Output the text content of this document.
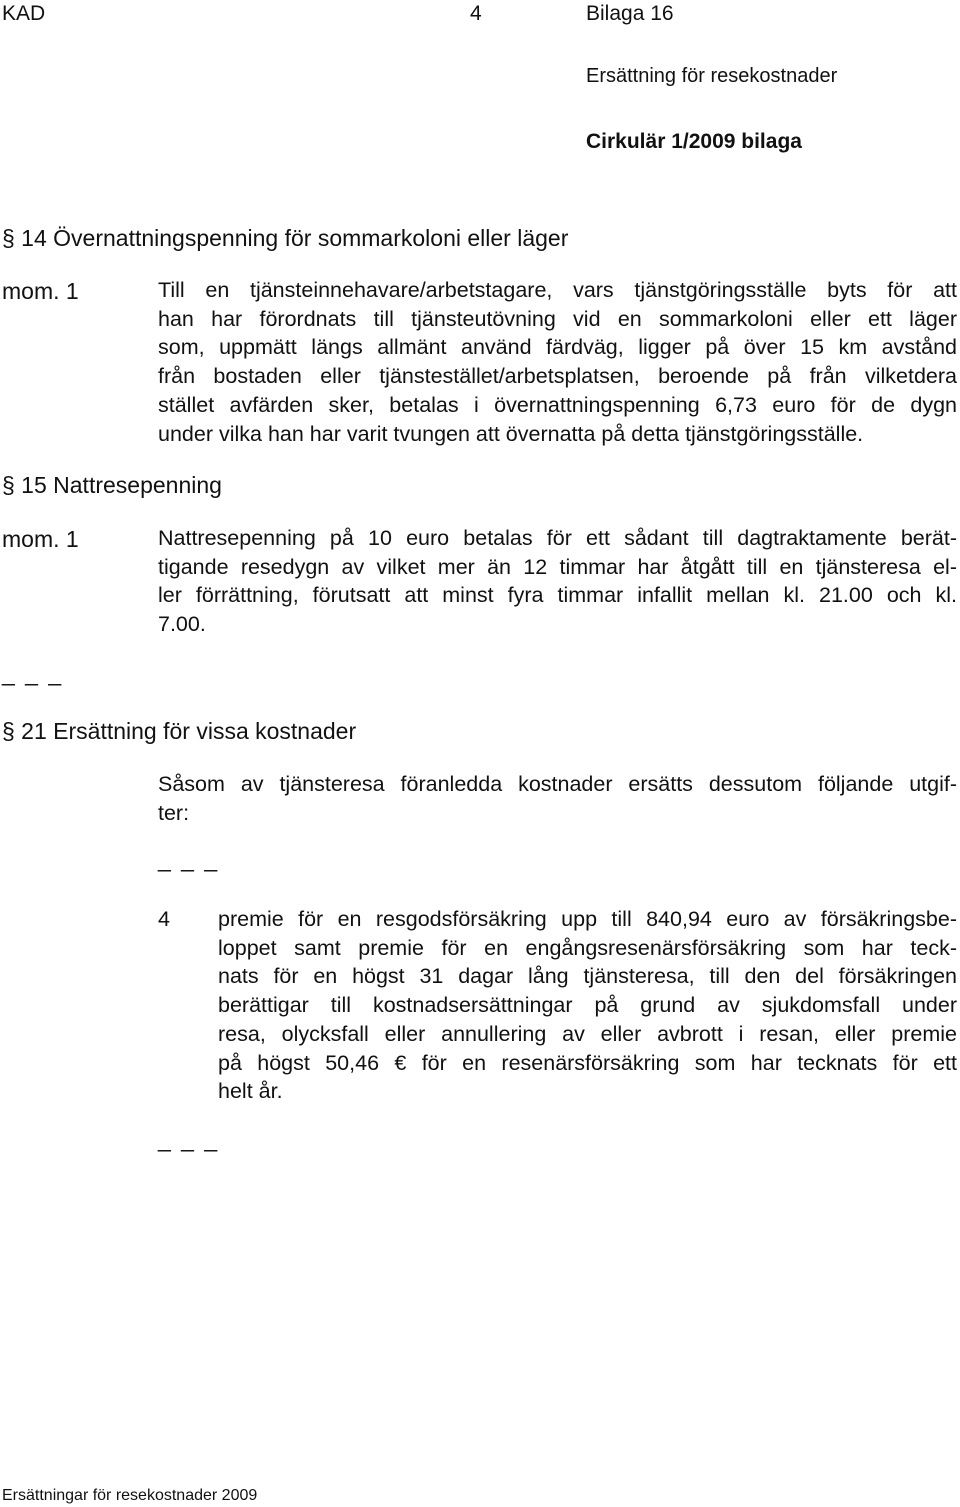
KAD	4	Bilaga 16
Ersättning för resekostnader
Cirkulär 1/2009 bilaga
§ 14 Övernattningspenning för sommarkoloni eller läger
mom. 1	Till en tjänsteinnehavare/arbetstagare, vars tjänstgöringsställe byts för att
han har förordnats till tjänsteutövning vid en sommarkoloni eller ett läger
som, uppmätt längs allmänt använd färdväg, ligger på över 15 km avstånd
från bostaden eller tjänstestället/arbetsplatsen, beroende på från vilketdera
stället avfärden sker, betalas i övernattningspenning 6,73 euro för de dygn
under vilka han har varit tvungen att övernatta på detta tjänstgöringsställe.
§ 15 Nattresepenning
mom. 1	Nattresepenning på 10 euro betalas för ett sådant till dagtraktamente berät-
tigande resedygn av vilket mer än 12 timmar har åtgått till en tjänsteresa el-
ler förrättning, förutsatt att minst fyra timmar infallit mellan kl. 21.00 och kl.
7.00.
_ _ _
§ 21 Ersättning för vissa kostnader
Såsom av tjänsteresa föranledda kostnader ersätts dessutom följande utgif-
ter:
_ _ _
4 premie för en resgodsförsäkring upp till 840,94 euro av försäkringsbe-
loppet samt premie för en engångsresenärsförsäkring som har teck-
nats för en högst 31 dagar lång tjänsteresa, till den del försäkringen
berättigar till kostnadsersättningar på grund av sjukdomsfall under
resa, olycksfall eller annullering av eller avbrott i resan, eller premie
på högst 50,46 € för en resenärsförsäkring som har tecknats för ett
helt år.
_ _ _
Ersättningar för resekostnader 2009
